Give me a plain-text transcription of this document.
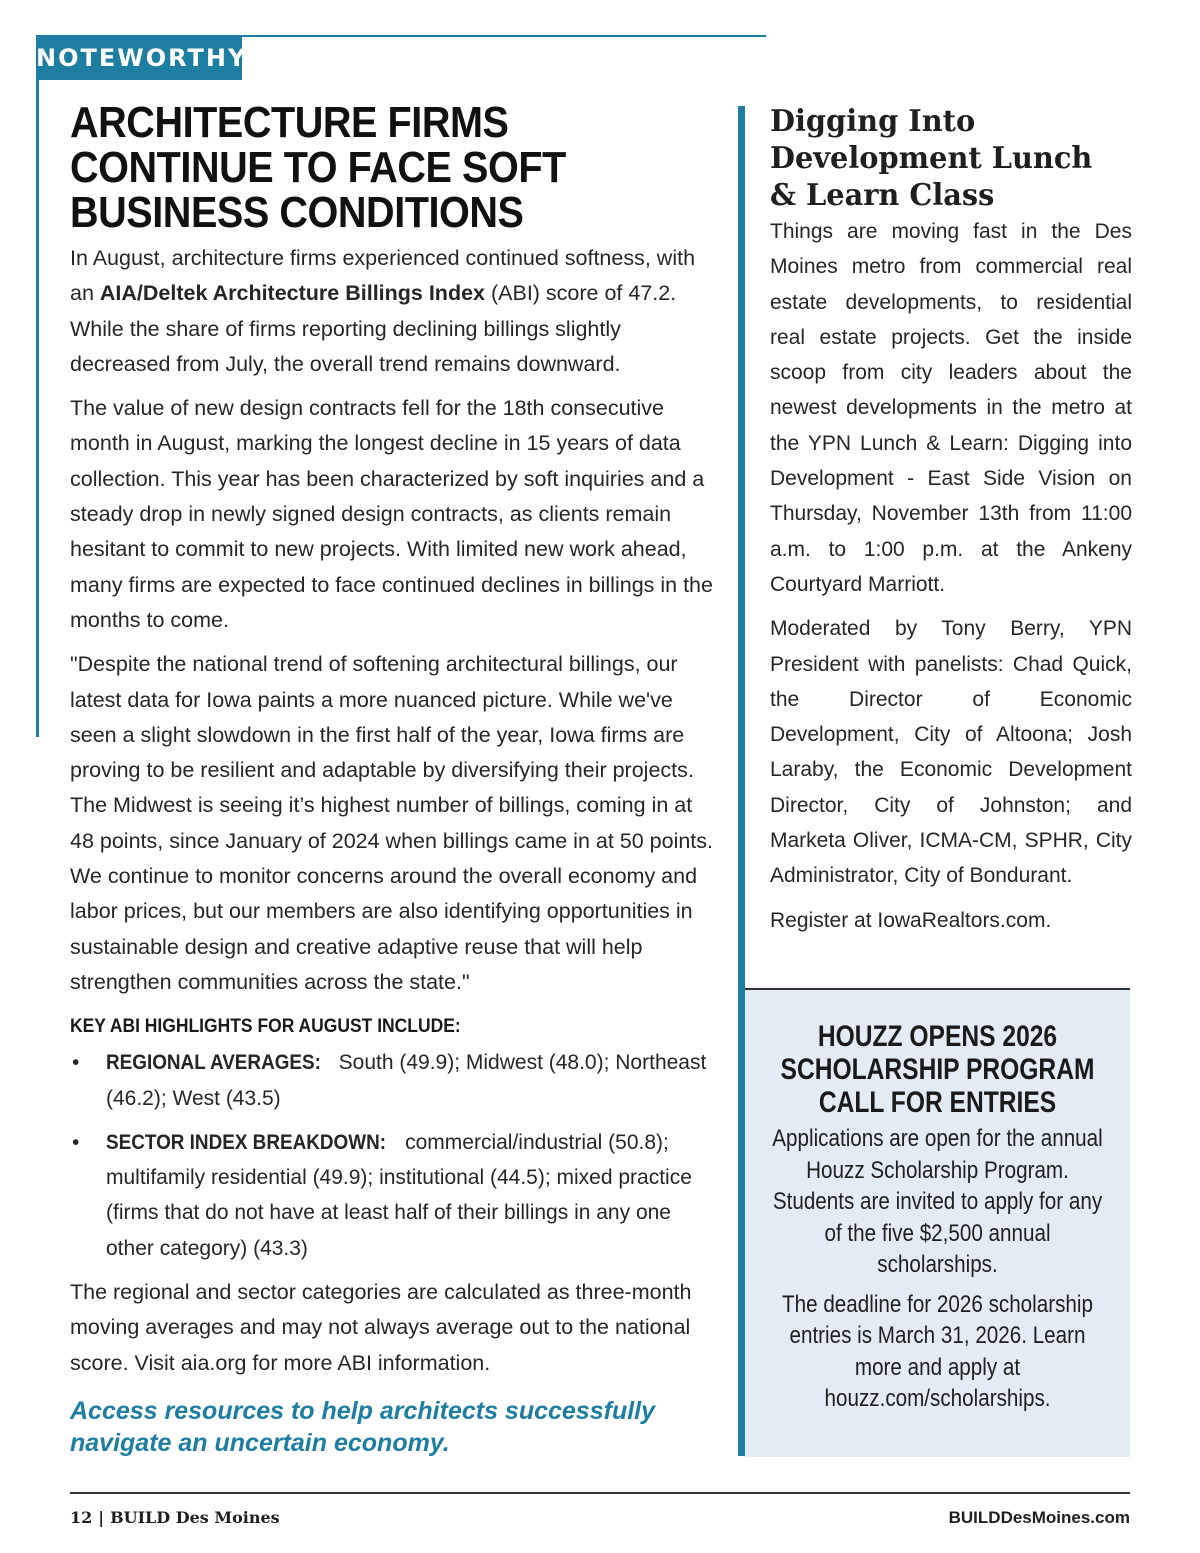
NOTEWORTHY
ARCHITECTURE FIRMS CONTINUE TO FACE SOFT BUSINESS CONDITIONS

In August, architecture firms experienced continued softness, with an AIA/Deltek Architecture Billings Index (ABI) score of 47.2. While the share of firms reporting declining billings slightly decreased from July, the overall trend remains downward.

The value of new design contracts fell for the 18th consecutive month in August, marking the longest decline in 15 years of data collection. This year has been characterized by soft inquiries and a steady drop in newly signed design contracts, as clients remain hesitant to commit to new projects. With limited new work ahead, many firms are expected to face continued declines in billings in the months to come.

"Despite the national trend of softening architectural billings, our latest data for Iowa paints a more nuanced picture. While we've seen a slight slowdown in the first half of the year, Iowa firms are proving to be resilient and adaptable by diversifying their projects. The Midwest is seeing it’s highest number of billings, coming in at 48 points, since January of 2024 when billings came in at 50 points. We continue to monitor concerns around the overall economy and labor prices, but our members are also identifying opportunities in sustainable design and creative adaptive reuse that will help strengthen communities across the state."

KEY ABI HIGHLIGHTS FOR AUGUST INCLUDE:
• REGIONAL AVERAGES: South (49.9); Midwest (48.0); Northeast (46.2); West (43.5)
• SECTOR INDEX BREAKDOWN: commercial/industrial (50.8); multifamily residential (49.9); institutional (44.5); mixed practice (firms that do not have at least half of their billings in any one other category) (43.3)

The regional and sector categories are calculated as three-month moving averages and may not always average out to the national score. Visit aia.org for more ABI information.

Access resources to help architects successfully navigate an uncertain economy.
Digging Into Development Lunch & Learn Class

Things are moving fast in the Des Moines metro from commercial real estate developments, to residential real estate projects. Get the inside scoop from city leaders about the newest developments in the metro at the YPN Lunch & Learn: Digging into Development - East Side Vision on Thursday, November 13th from 11:00 a.m. to 1:00 p.m. at the Ankeny Courtyard Marriott.

Moderated by Tony Berry, YPN President with panelists: Chad Quick, the Director of Economic Development, City of Altoona; Josh Laraby, the Economic Development Director, City of Johnston; and Marketa Oliver, ICMA-CM, SPHR, City Administrator, City of Bondurant.

Register at IowaRealtors.com.

HOUZZ OPENS 2026 SCHOLARSHIP PROGRAM CALL FOR ENTRIES

Applications are open for the annual Houzz Scholarship Program. Students are invited to apply for any of the five $2,500 annual scholarships.

The deadline for 2026 scholarship entries is March 31, 2026. Learn more and apply at houzz.com/scholarships.

12 | BUILD Des Moines	BUILDDesMoines.com
